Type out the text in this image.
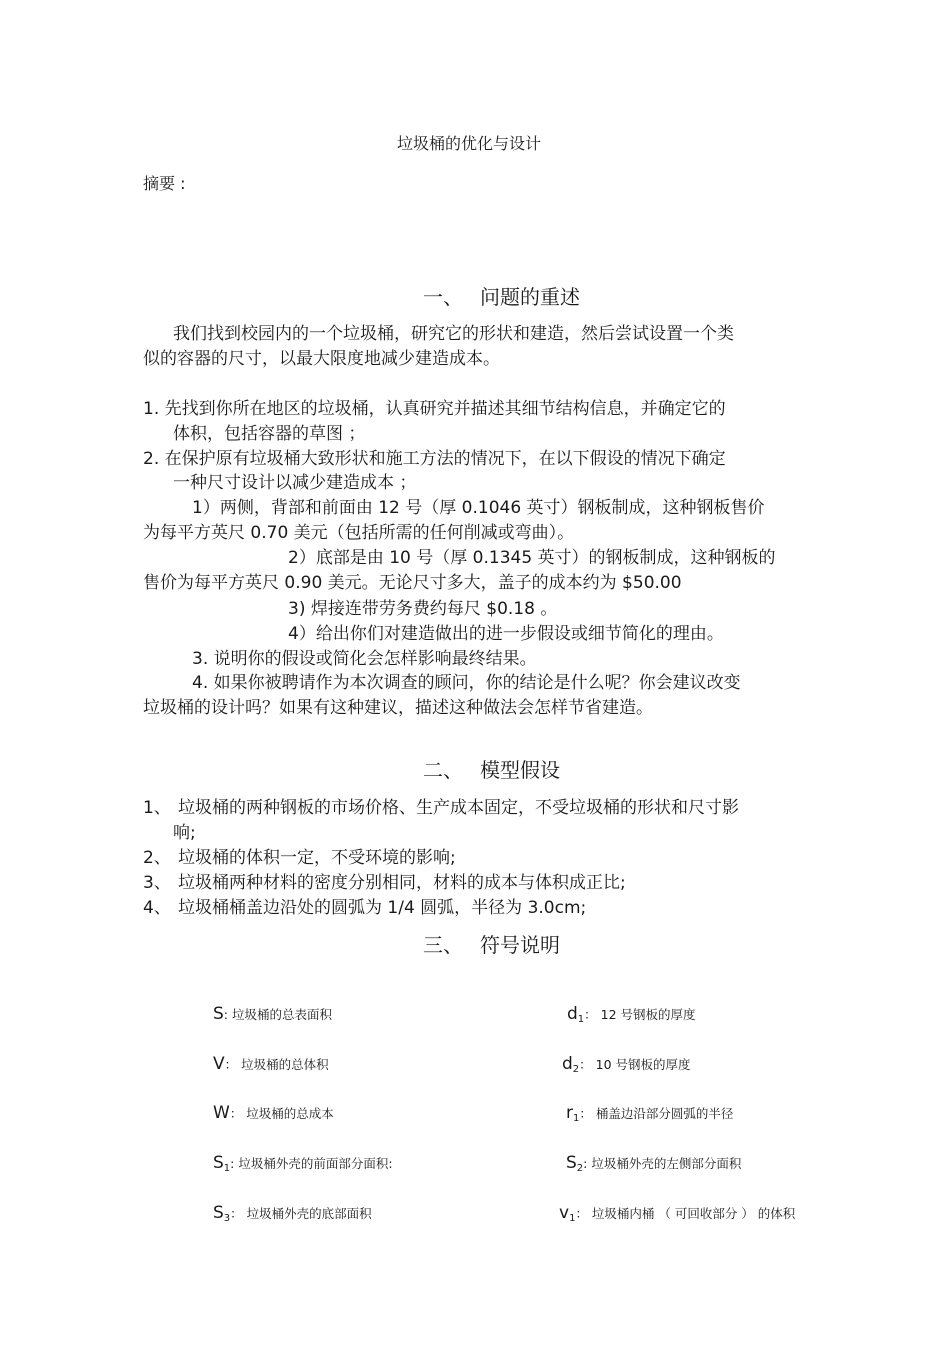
垃圾桶的优化与设计
摘要 :
一、 问题的重述
我们找到校园内的一个垃圾桶，研究它的形状和建造，然后尝试设置一个类
似的容器的尺寸，以最大限度地减少建造成本。
1. 先找到你所在地区的垃圾桶，认真研究并描述其细节结构信息，并确定它的
体积，包括容器的草图 ；
2. 在保护原有垃圾桶大致形状和施工方法的情况下，在以下假设的情况下确定
一种尺寸设计以减少建造成本 ；
1）两侧，背部和前面由 12 号（厚 0.1046 英寸）钢板制成，这种钢板售价
为每平方英尺 0.70 美元（包括所需的任何削减或弯曲）。
2）底部是由 10 号（厚 0.1345 英寸）的钢板制成，这种钢板的
售价为每平方英尺 0.90 美元。无论尺寸多大，盖子的成本约为 $50.00
3) 焊接连带劳务费约每尺 $0.18 。
4）给出你们对建造做出的进一步假设或细节简化的理由。
3. 说明你的假设或简化会怎样影响最终结果。
4. 如果你被聘请作为本次调查的顾问，你的结论是什么呢？你会建议改变
垃圾桶的设计吗？如果有这种建议，描述这种做法会怎样节省建造。
二、 模型假设
1、 垃圾桶的两种钢板的市场价格、生产成本固定，不受垃圾桶的形状和尺寸影
响;
2、 垃圾桶的体积一定，不受环境的影响;
3、 垃圾桶两种材料的密度分别相同，材料的成本与体积成正比;
4、 垃圾桶桶盖边沿处的圆弧为 1/4 圆弧，半径为 3.0cm;
三、 符号说明
S: 垃圾桶的总表面积
V： 垃圾桶的总体积
W： 垃圾桶的总成本
$S_1$: 垃圾桶外壳的前面部分面积:
$S_3$： 垃圾桶外壳的底部面积
$d_1$： 12 号钢板的厚度
$d_2$： 10 号钢板的厚度
$r_1$： 桶盖边沿部分圆弧的半径
$S_2$: 垃圾桶外壳的左侧部分面积
$v_1$： 垃圾桶内桶 （ 可回收部分 ） 的体积
